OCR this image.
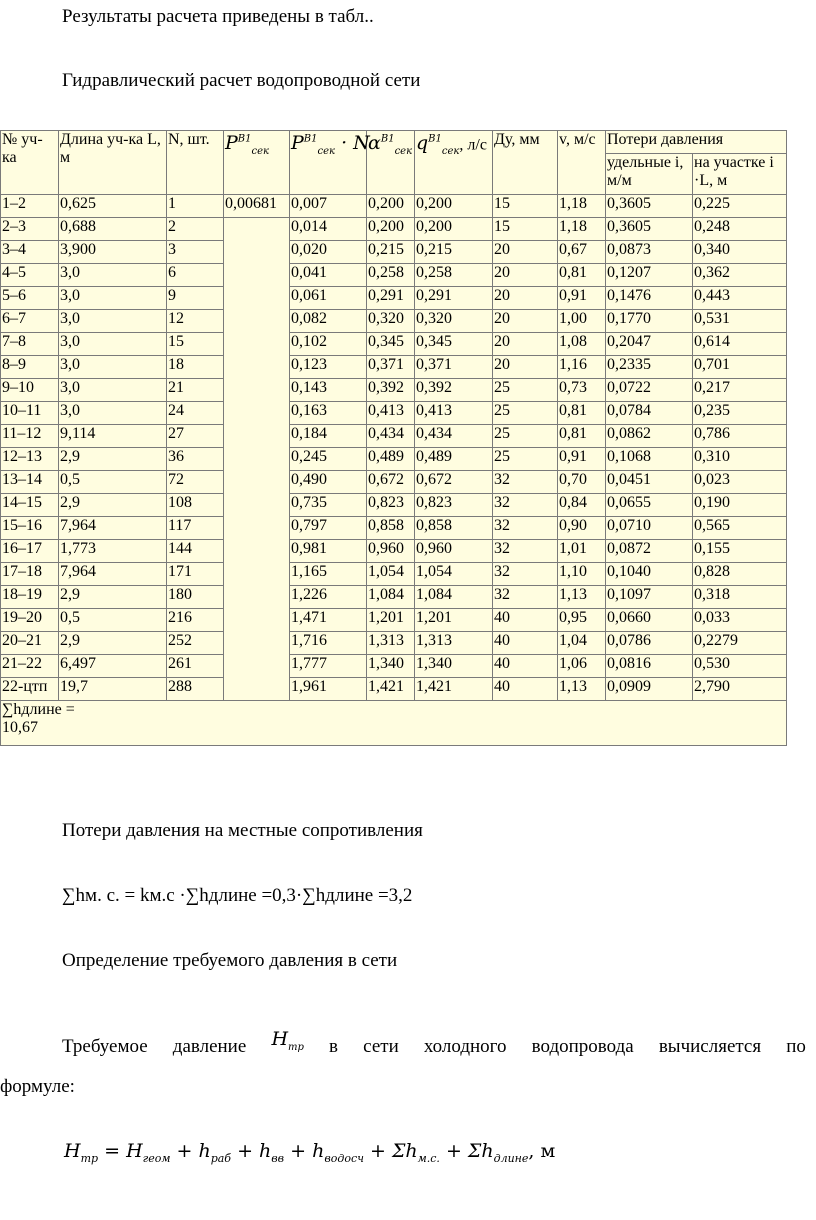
Результаты расчета приведены в табл..
Гидравлический расчет водопроводной сети
№ уч-ка	Длина уч-ка L, м	N, шт.	$P^{В1}_{сек}$	$P^{В1}_{сек} \cdot N$	$\alpha^{В1}_{сек}$	$q^{В1}_{сек}$, л/с	Ду, мм	v, м/с	Потери давления	
									удельные i, м/м	на участке i ·L, м
1–2	0,625	1	0,00681	0,007	0,200	0,200	15	1,18	0,3605	0,225
2–3	0,688	2		0,014	0,200	0,200	15	1,18	0,3605	0,248
3–4	3,900	3		0,020	0,215	0,215	20	0,67	0,0873	0,340
4–5	3,0	6		0,041	0,258	0,258	20	0,81	0,1207	0,362
5–6	3,0	9		0,061	0,291	0,291	20	0,91	0,1476	0,443
6–7	3,0	12		0,082	0,320	0,320	20	1,00	0,1770	0,531
7–8	3,0	15		0,102	0,345	0,345	20	1,08	0,2047	0,614
8–9	3,0	18		0,123	0,371	0,371	20	1,16	0,2335	0,701
9–10	3,0	21		0,143	0,392	0,392	25	0,73	0,0722	0,217
10–11	3,0	24		0,163	0,413	0,413	25	0,81	0,0784	0,235
11–12	9,114	27		0,184	0,434	0,434	25	0,81	0,0862	0,786
12–13	2,9	36		0,245	0,489	0,489	25	0,91	0,1068	0,310
13–14	0,5	72		0,490	0,672	0,672	32	0,70	0,0451	0,023
14–15	2,9	108		0,735	0,823	0,823	32	0,84	0,0655	0,190
15–16	7,964	117		0,797	0,858	0,858	32	0,90	0,0710	0,565
16–17	1,773	144		0,981	0,960	0,960	32	1,01	0,0872	0,155
17–18	7,964	171		1,165	1,054	1,054	32	1,10	0,1040	0,828
18–19	2,9	180		1,226	1,084	1,084	32	1,13	0,1097	0,318
19–20	0,5	216		1,471	1,201	1,201	40	0,95	0,0660	0,033
20–21	2,9	252		1,716	1,313	1,313	40	1,04	0,0786	0,2279
21–22	6,497	261		1,777	1,340	1,340	40	1,06	0,0816	0,530
22-цтп	19,7	288		1,961	1,421	1,421	40	1,13	0,0909	2,790

∑hдлине = 10,67										
Потери давления на местные сопротивления
∑hм. с. = kм.с ·∑hдлине =0,3·∑hдлине =3,2
Определение требуемого давления в сети
Требуемое давление $H_{тр}$ в сети холодного водопровода вычисляется по
формуле:
$H_{тр} = H_{геом} + h_{раб} + h_{вв} + h_{водосч} + \Sigma h_{м.с.} + \Sigma h_{длине}$, м
